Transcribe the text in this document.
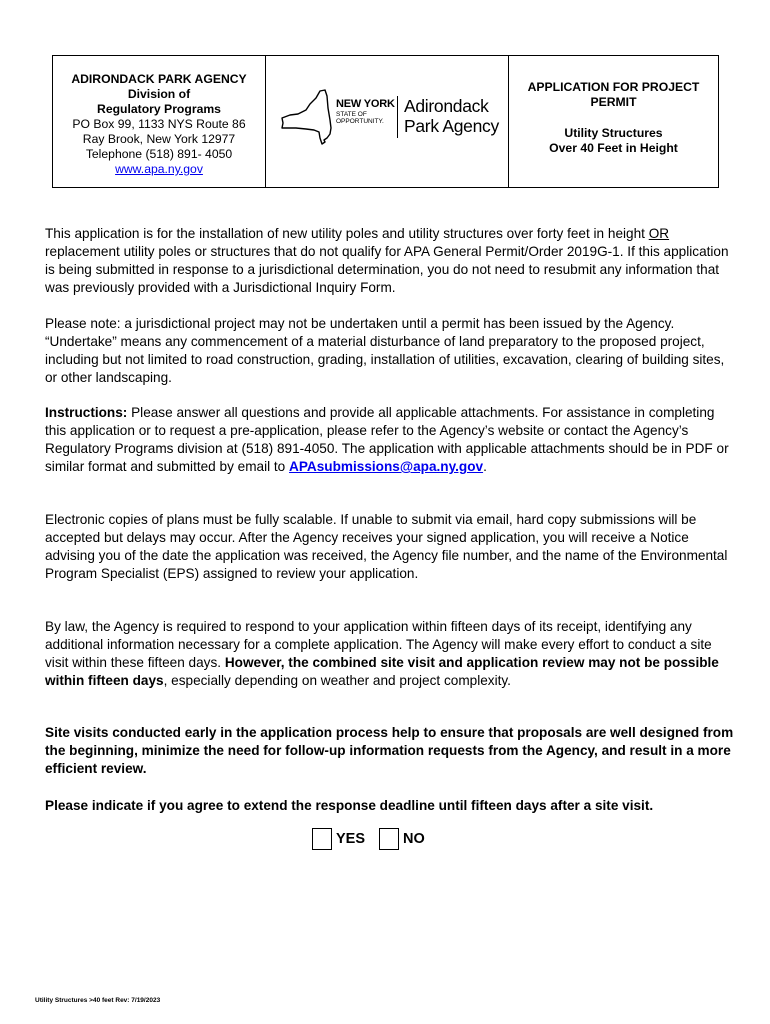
ADIRONDACK PARK AGENCY
Division of
Regulatory Programs
PO Box 99, 1133 NYS Route 86
Ray Brook, New York 12977
Telephone (518) 891- 4050
www.apa.ny.gov
NEW YORK
STATE OF
OPPORTUNITY.
Adirondack
Park Agency
APPLICATION FOR PROJECT
PERMIT
Utility Structures
Over 40 Feet in Height

This application is for the installation of new utility poles and utility structures over forty feet in height OR replacement utility poles or structures that do not qualify for APA General Permit/Order 2019G-1. If this application is being submitted in response to a jurisdictional determination, you do not need to resubmit any information that was previously provided with a Jurisdictional Inquiry Form.

Please note: a jurisdictional project may not be undertaken until a permit has been issued by the Agency. “Undertake” means any commencement of a material disturbance of land preparatory to the proposed project, including but not limited to road construction, grading, installation of utilities, excavation, clearing of building sites, or other landscaping.

Instructions: Please answer all questions and provide all applicable attachments. For assistance in completing this application or to request a pre-application, please refer to the Agency’s website or contact the Agency’s Regulatory Programs division at (518) 891-4050. The application with applicable attachments should be in PDF or similar format and submitted by email to APAsubmissions@apa.ny.gov.

Electronic copies of plans must be fully scalable. If unable to submit via email, hard copy submissions will be accepted but delays may occur. After the Agency receives your signed application, you will receive a Notice advising you of the date the application was received, the Agency file number, and the name of the Environmental Program Specialist (EPS) assigned to review your application.

By law, the Agency is required to respond to your application within fifteen days of its receipt, identifying any additional information necessary for a complete application. The Agency will make every effort to conduct a site visit within these fifteen days. However, the combined site visit and application review may not be possible within fifteen days, especially depending on weather and project complexity.

Site visits conducted early in the application process help to ensure that proposals are well designed from the beginning, minimize the need for follow-up information requests from the Agency, and result in a more efficient review.

Please indicate if you agree to extend the response deadline until fifteen days after a site visit.

YES	NO
Utility Structures >40 feet Rev: 7/19/2023
